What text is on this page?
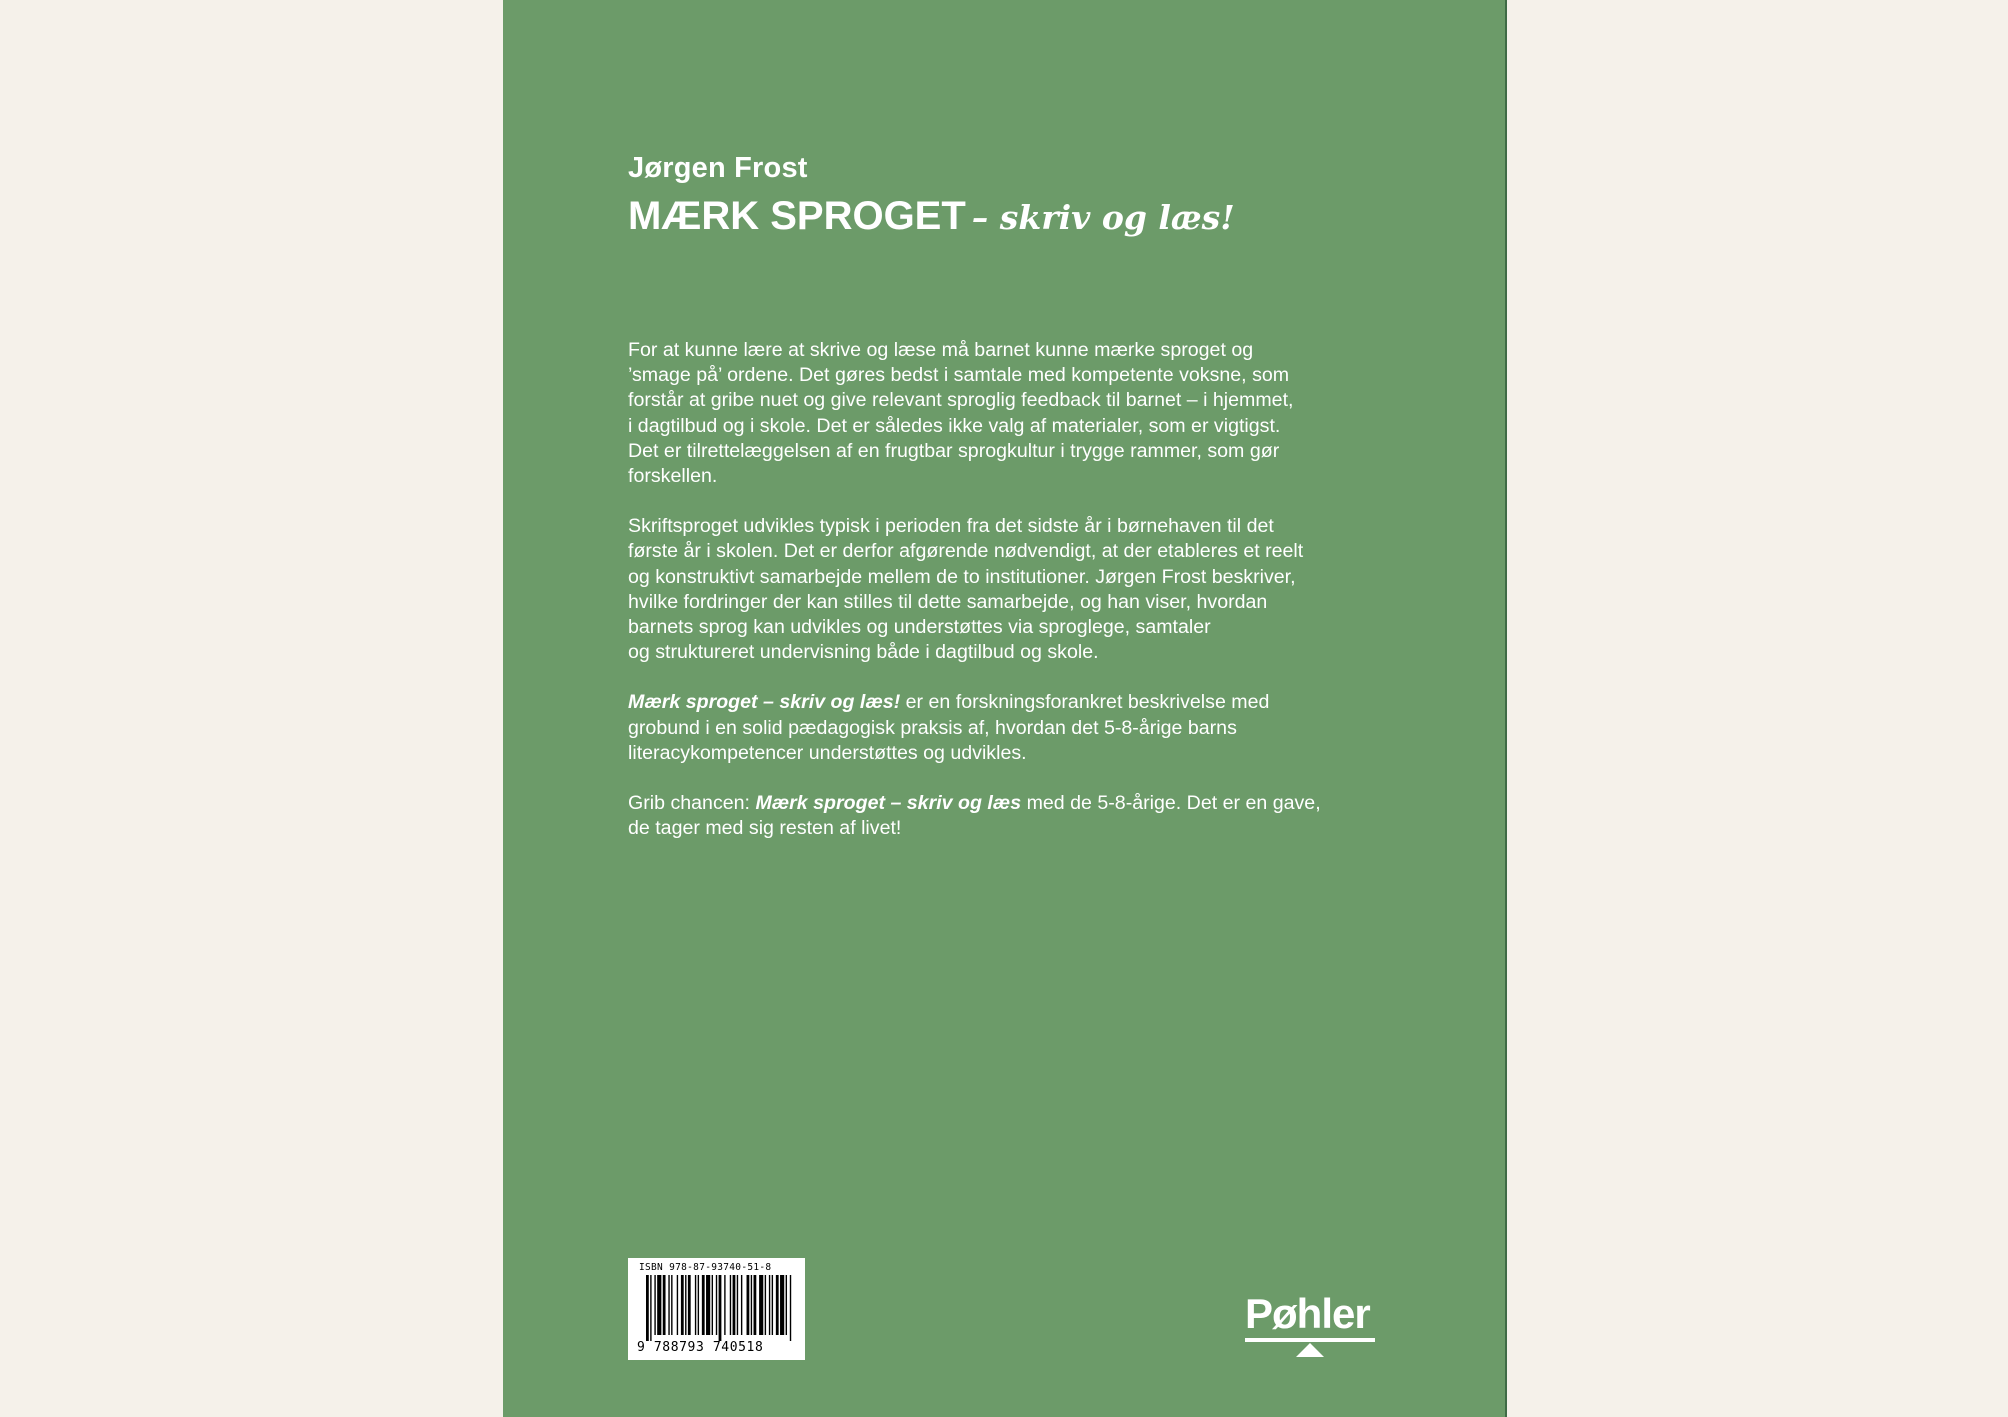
Jørgen Frost
MÆRK SPROGET – skriv og læs!
For at kunne lære at skrive og læse må barnet kunne mærke sproget og
’smage på’ ordene. Det gøres bedst i samtale med kompetente voksne, som
forstår at gribe nuet og give relevant sproglig feedback til barnet – i hjemmet,
i dagtilbud og i skole. Det er således ikke valg af materialer, som er vigtigst.
Det er tilrettelæggelsen af en frugtbar sprogkultur i trygge rammer, som gør
forskellen.
Skriftsproget udvikles typisk i perioden fra det sidste år i børnehaven til det
første år i skolen. Det er derfor afgørende nødvendigt, at der etableres et reelt
og konstruktivt samarbejde mellem de to institutioner. Jørgen Frost beskriver,
hvilke fordringer der kan stilles til dette samarbejde, og han viser, hvordan
barnets sprog kan udvikles og understøttes via sproglege, samtaler
og struktureret undervisning både i dagtilbud og skole.
Mærk sproget – skriv og læs! er en forskningsforankret beskrivelse med
grobund i en solid pædagogisk praksis af, hvordan det 5-8-årige barns
literacykompetencer understøttes og udvikles.
Grib chancen: Mærk sproget – skriv og læs med de 5-8-årige. Det er en gave,
de tager med sig resten af livet!
ISBN 978-87-93740-51-8
9 788793 740518
Pøhler
